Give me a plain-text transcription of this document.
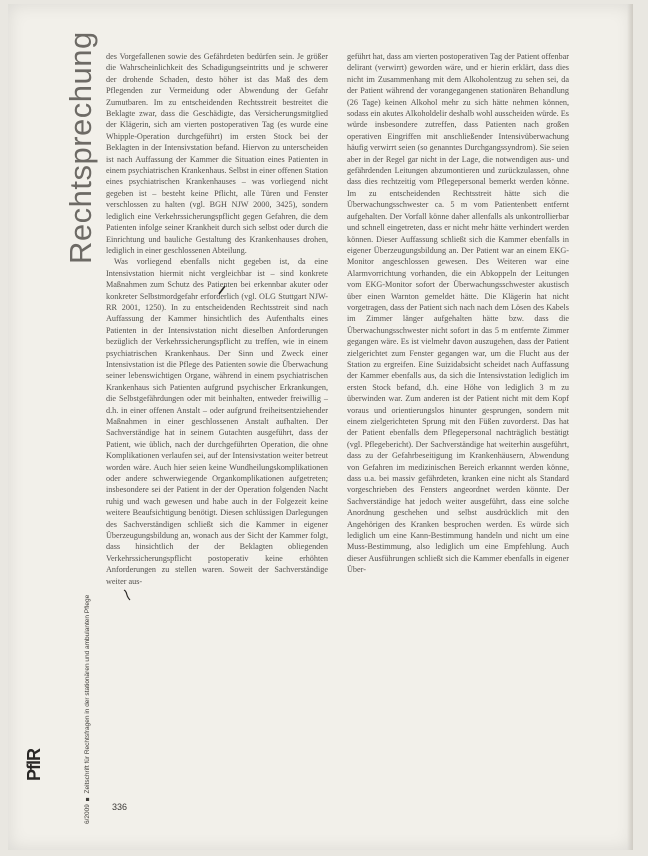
Rechtsprechung
6/2009 ■ Zeitschrift für Rechtsfragen in der stationären und ambulanten Pflege
PflR

des Vorgefallenen sowie des Gefährdeten bedürfen sein. Je größer die Wahrscheinlichkeit des Schadigungseintritts und je schwerer der drohende Schaden, desto höher ist das Maß des dem Pflegenden zur Vermeidung oder Abwendung der Gefahr Zumutbaren. Im zu entscheidenden Rechtsstreit bestreitet die Beklagte zwar, dass die Geschädigte, das Versicherungsmitglied der Klägerin, sich am vierten postoperativen Tag (es wurde eine Whipple-Operation durchgeführt) im ersten Stock bei der Beklagten in der Intensivstation befand. Hiervon zu unterscheiden ist nach Auffassung der Kammer die Situation eines Patienten in einem psychiatrischen Krankenhaus. Selbst in einer offenen Station eines psychiatrischen Krankenhauses – was vorliegend nicht gegeben ist – besteht keine Pflicht, alle Türen und Fenster verschlossen zu halten (vgl. BGH NJW 2000, 3425), sondern lediglich eine Verkehrssicherungspflicht gegen Gefahren, die dem Patienten infolge seiner Krankheit durch sich selbst oder durch die Einrichtung und bauliche Gestaltung des Krankenhauses drohen, lediglich in einer geschlossenen Abteilung.

Was vorliegend ebenfalls nicht gegeben ist, da eine Intensivstation hiermit nicht vergleichbar ist – sind konkrete Maßnahmen zum Schutz des Patienten bei erkennbar akuter oder konkreter Selbstmordgefahr erforderlich (vgl. OLG Stuttgart NJW-RR 2001, 1250). In zu entscheidenden Rechtsstreit sind nach Auffassung der Kammer hinsichtlich des Aufenthalts eines Patienten in der Intensivstation nicht dieselben Anforderungen bezüglich der Verkehrssicherungspflicht zu treffen, wie in einem psychiatrischen Krankenhaus. Der Sinn und Zweck einer Intensivstation ist die Pflege des Patienten sowie die Überwachung seiner lebenswichtigen Organe, während in einem psychiatrischen Krankenhaus sich Patienten aufgrund psychischer Erkrankungen, die Selbstgefährdungen oder mit beinhalten, entweder freiwillig – d.h. in einer offenen Anstalt – oder aufgrund freiheitsentziehender Maßnahmen in einer geschlossenen Anstalt aufhalten. Der Sachverständige hat in seinem Gutachten ausgeführt, dass der Patient, wie üblich, nach der durchgeführten Operation, die ohne Komplikationen verlaufen sei, auf der Intensivstation weiter betreut worden wäre. Auch hier seien keine Wundheilungskomplikationen oder andere schwerwiegende Organkomplikationen aufgetreten; insbesondere sei der Patient in der der Operation folgenden Nacht ruhig und wach gewesen und habe auch in der Folgezeit keine weitere Beaufsichtigung benötigt. Diesen schlüssigen Darlegungen des Sachverständigen schließt sich die Kammer in eigener Überzeugungsbildung an, wonach aus der Sicht der Kammer folgt, dass hinsichtlich der der Beklagten obliegenden Verkehrssicherungspflicht postoperativ keine erhöhten Anforderungen zu stellen waren. Soweit der Sachverständige weiter aus-

geführt hat, dass am vierten postoperativen Tag der Patient offenbar delirant (verwirrt) geworden wäre, und er hierin erklärt, dass dies nicht im Zusammenhang mit dem Alkoholentzug zu sehen sei, da der Patient während der vorangegangenen stationären Behandlung (26 Tage) keinen Alkohol mehr zu sich hätte nehmen können, sodass ein akutes Alkoholdelir deshalb wohl ausscheiden würde. Es würde insbesondere zutreffen, dass Patienten nach großen operativen Eingriffen mit anschließender Intensivüberwachung häufig verwirrt seien (so genanntes Durchgangssyndrom). Sie seien aber in der Regel gar nicht in der Lage, die notwendigen aus- und gefährdenden Leitungen abzumontieren und zurückzulassen, ohne dass dies rechtzeitig vom Pflegepersonal bemerkt werden könne. Im zu entscheidenden Rechtsstreit hätte sich die Überwachungsschwester ca. 5 m vom Patientenbett entfernt aufgehalten. Der Vorfall könne daher allenfalls als unkontrollierbar und schnell eingetreten, dass er nicht mehr hätte verhindert werden können. Dieser Auffassung schließt sich die Kammer ebenfalls in eigener Überzeugungsbildung an. Der Patient war an einem EKG-Monitor angeschlossen gewesen. Des Weiteren war eine Alarmvorrichtung vorhanden, die ein Abkoppeln der Leitungen vom EKG-Monitor sofort der Überwachungsschwester akustisch über einen Warnton gemeldet hätte. Die Klägerin hat nicht vorgetragen, dass der Patient sich nach nach dem Lösen des Kabels im Zimmer länger aufgehalten hätte bzw. dass die Überwachungsschwester nicht sofort in das 5 m entfernte Zimmer gegangen wäre. Es ist vielmehr davon auszugehen, dass der Patient zielgerichtet zum Fenster gegangen war, um die Flucht aus der Station zu ergreifen. Eine Suizidabsicht scheidet nach Auffassung der Kammer ebenfalls aus, da sich die Intensivstation lediglich im ersten Stock befand, d.h. eine Höhe von lediglich 3 m zu überwinden war. Zum anderen ist der Patient nicht mit dem Kopf voraus und orientierungslos hinunter gesprungen, sondern mit einem zielgerichteten Sprung mit den Füßen zuvorderst. Das hat der Patient ebenfalls dem Pflegepersonal nachträglich bestätigt (vgl. Pflegebericht). Der Sachverständige hat weiterhin ausgeführt, dass zu der Gefahrbeseitigung im Krankenhäusern, Abwendung von Gefahren im medizinischen Bereich erkannnt werden könne, dass u.a. bei massiv gefährdeten, kranken eine nicht als Standard vorgeschrieben des Fensters angeordnet werden könnte. Der Sachverständige hat jedoch weiter ausgeführt, dass eine solche Anordnung geschehen und selbst ausdrücklich mit den Angehörigen des Kranken besprochen werden. Es würde sich lediglich um eine Kann-Bestimmung handeln und nicht um eine Muss-Bestimmung, also lediglich um eine Empfehlung. Auch dieser Ausführungen schließt sich die Kammer ebenfalls in eigener Über-

336
